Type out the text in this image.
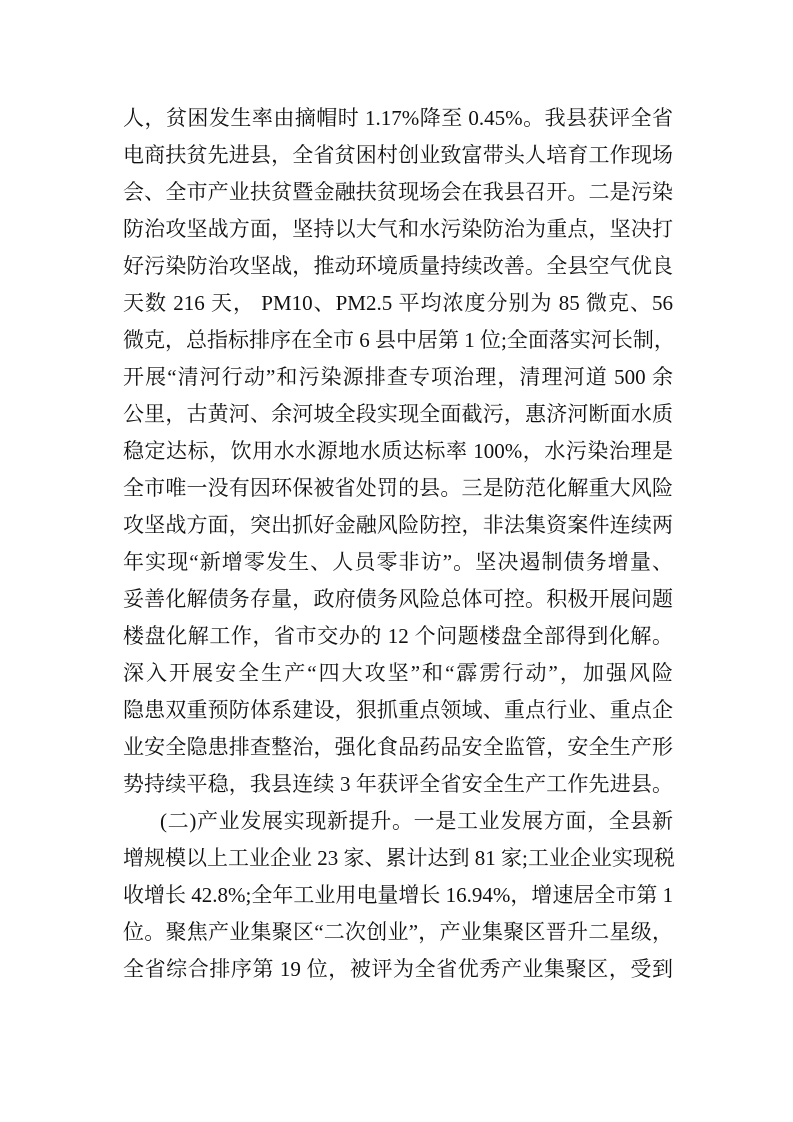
人，贫困发生率由摘帽时 1.17%降至 0.45%。我县获评全省
电商扶贫先进县，全省贫困村创业致富带头人培育工作现场
会、全市产业扶贫暨金融扶贫现场会在我县召开。二是污染
防治攻坚战方面，坚持以大气和水污染防治为重点，坚决打
好污染防治攻坚战，推动环境质量持续改善。全县空气优良
天数 216 天， PM10、PM2.5 平均浓度分别为 85 微克、56
微克，总指标排序在全市 6 县中居第 1 位;全面落实河长制，
开展“清河行动”和污染源排查专项治理，清理河道 500 余
公里，古黄河、余河坡全段实现全面截污，惠济河断面水质
稳定达标，饮用水水源地水质达标率 100%，水污染治理是
全市唯一没有因环保被省处罚的县。三是防范化解重大风险
攻坚战方面，突出抓好金融风险防控，非法集资案件连续两
年实现“新增零发生、人员零非访”。坚决遏制债务增量、
妥善化解债务存量，政府债务风险总体可控。积极开展问题
楼盘化解工作，省市交办的 12 个问题楼盘全部得到化解。
深入开展安全生产“四大攻坚”和“霹雳行动”，加强风险
隐患双重预防体系建设，狠抓重点领域、重点行业、重点企
业安全隐患排查整治，强化食品药品安全监管，安全生产形
势持续平稳，我县连续 3 年获评全省安全生产工作先进县。
(二)产业发展实现新提升。一是工业发展方面，全县新
增规模以上工业企业 23 家、累计达到 81 家;工业企业实现税
收增长 42.8%;全年工业用电量增长 16.94%，增速居全市第 1
位。聚焦产业集聚区“二次创业”，产业集聚区晋升二星级，
全省综合排序第 19 位，被评为全省优秀产业集聚区，受到
